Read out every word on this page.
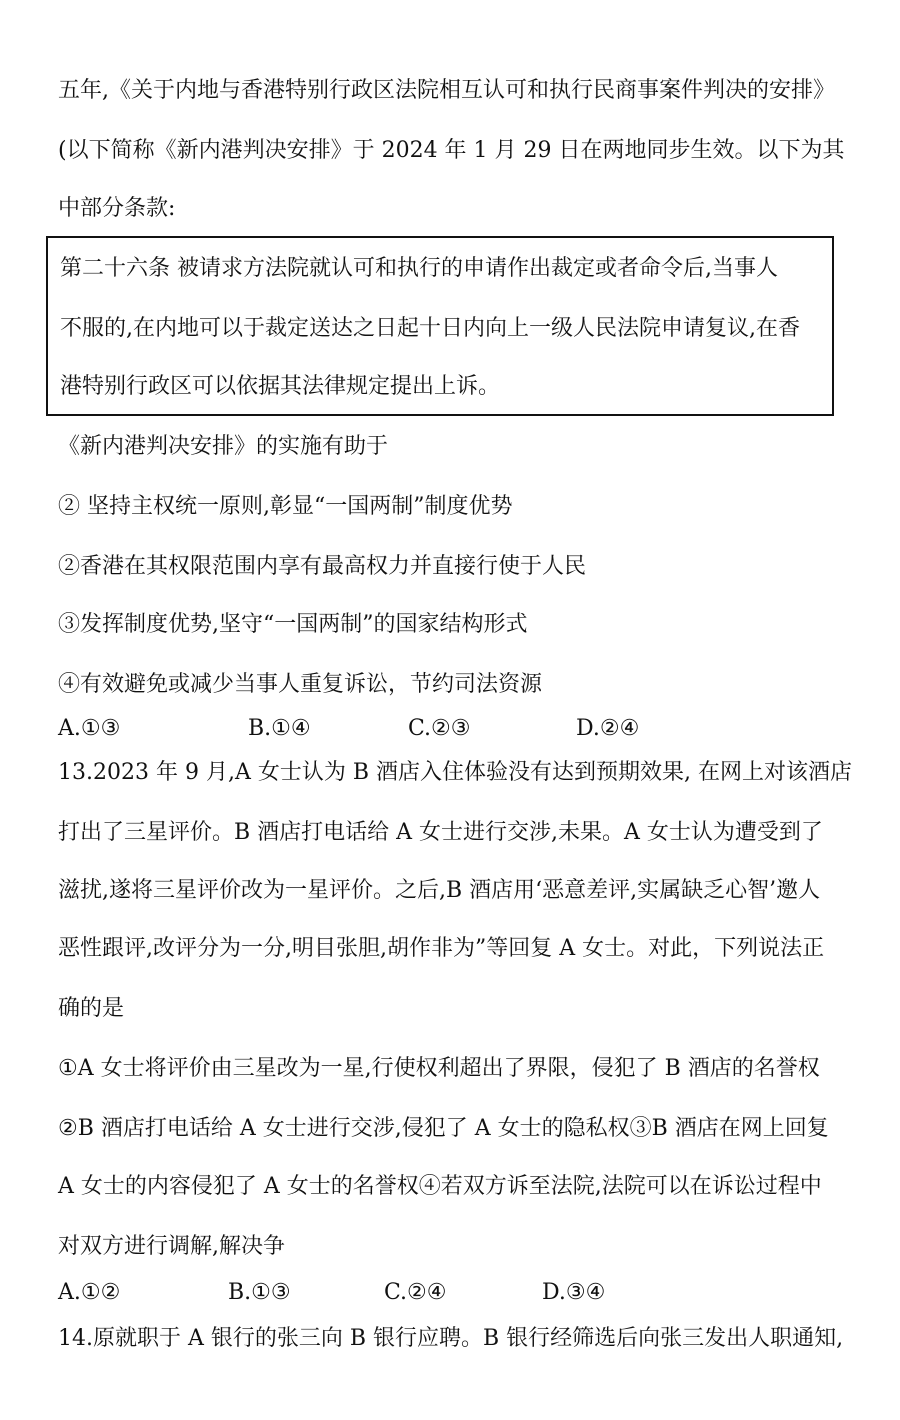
五年,《关于内地与香港特别行政区法院相互认可和执行民商事案件判决的安排》
(以下简称《新内港判决安排》于 2024 年 1 月 29 日在两地同步生效。以下为其
中部分条款:
第二十六条 被请求方法院就认可和执行的申请作出裁定或者命令后,当事人
不服的,在内地可以于裁定送达之日起十日内向上一级人民法院申请复议,在香
港特别行政区可以依据其法律规定提出上诉。
《新内港判决安排》的实施有助于
② 坚持主权统一原则,彰显“一国两制”制度优势
②香港在其权限范围内享有最高权力并直接行使于人民
③发挥制度优势,坚守“一国两制”的国家结构形式
④有效避免或减少当事人重复诉讼，节约司法资源
A.①③	B.①④	C.②③	D.②④
13.2023 年 9 月,A 女士认为 B 酒店入住体验没有达到预期效果, 在网上对该酒店
打出了三星评价。B 酒店打电话给 A 女士进行交涉,未果。A 女士认为遭受到了
滋扰,遂将三星评价改为一星评价。之后,B 酒店用‘恶意差评,实属缺乏心智’邀人
恶性跟评,改评分为一分,明目张胆,胡作非为”等回复 A 女士。对此，下列说法正
确的是
①A 女士将评价由三星改为一星,行使权利超出了界限，侵犯了 B 酒店的名誉权
②B 酒店打电话给 A 女士进行交涉,侵犯了 A 女士的隐私权③B 酒店在网上回复
A 女士的内容侵犯了 A 女士的名誉权④若双方诉至法院,法院可以在诉讼过程中
对双方进行调解,解决争
A.①②	B.①③	C.②④	D.③④
14.原就职于 A 银行的张三向 B 银行应聘。B 银行经筛选后向张三发出人职通知,
